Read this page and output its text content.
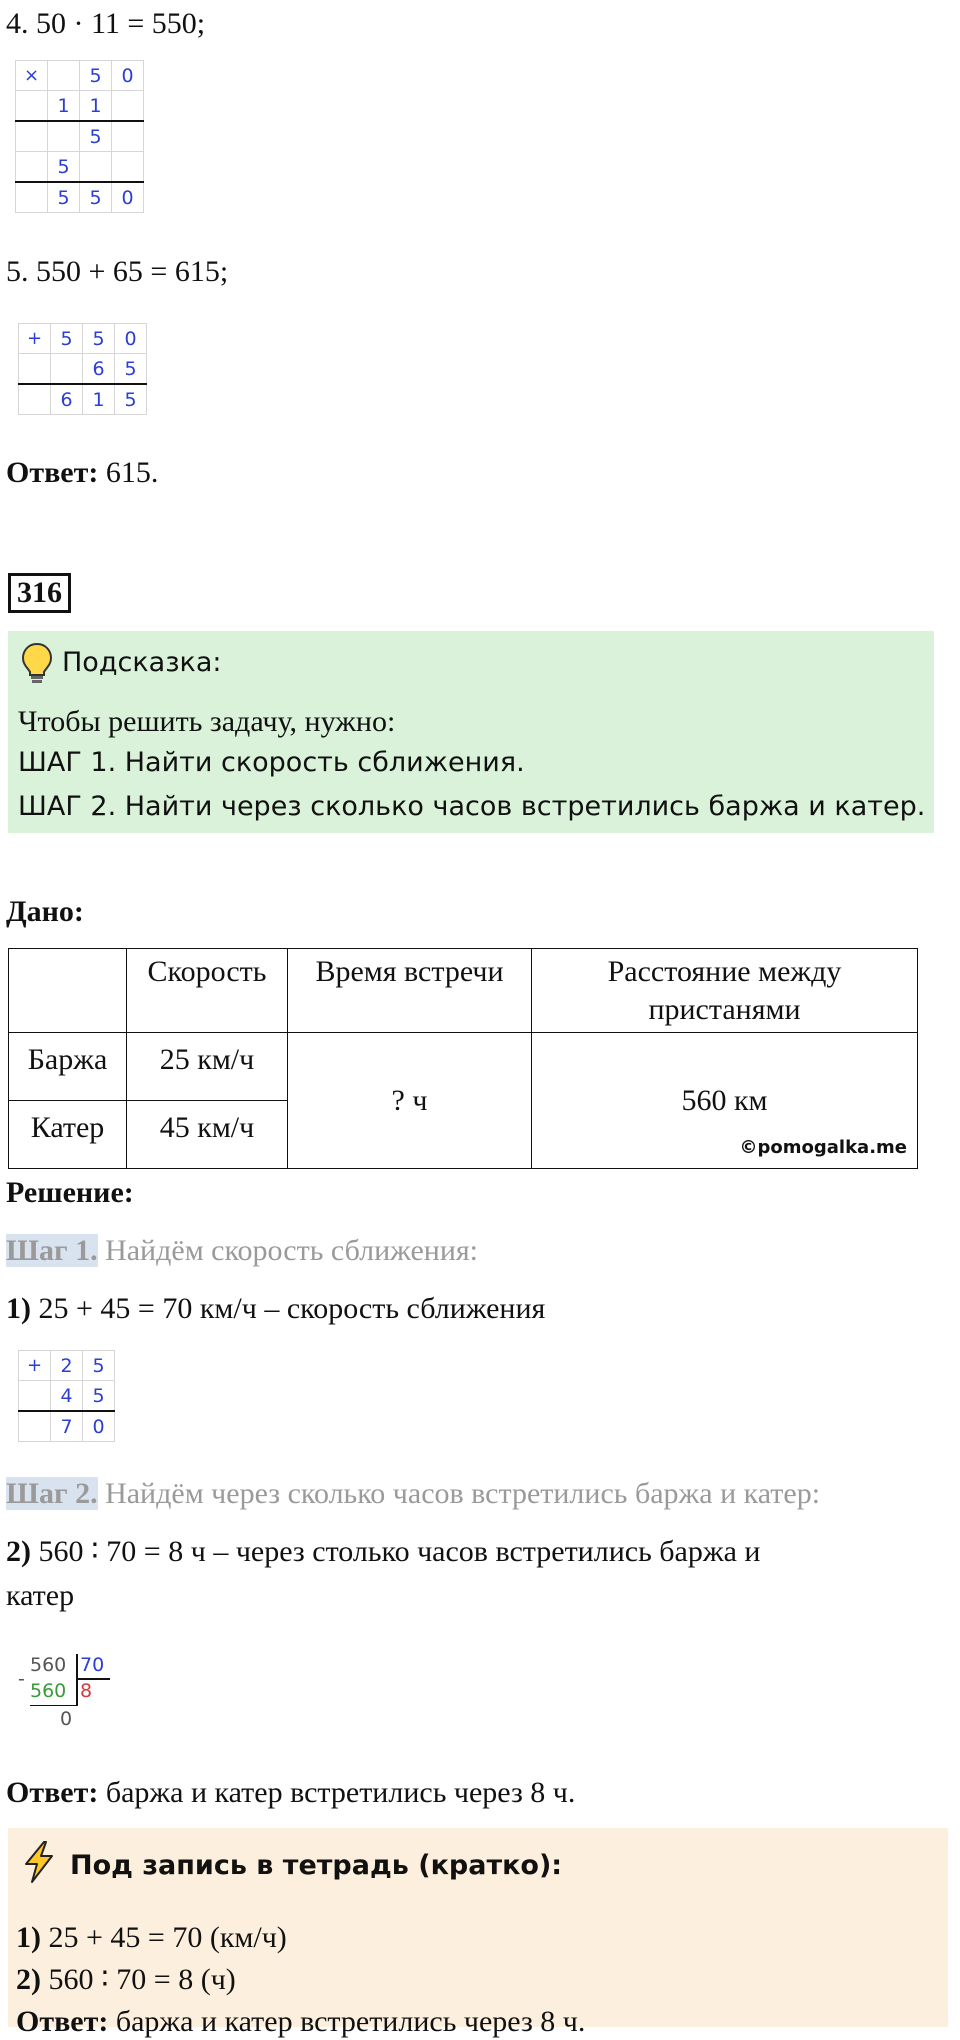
4. 50 · 11 = 550;
×		5	0
	1	1	
		5	
	5		
	5	5	0
5. 550 + 65 = 615;
+	5	5	0
		6	5
	6	1	5
Ответ: 615.
316
Подсказка:
Чтобы решить задачу, нужно:
ШАГ 1. Найти скорость сближения.
ШАГ 2. Найти через сколько часов встретились баржа и катер.
Дано:
	Скорость	Время встречи	Расстояние между пристанями
Баржа	25 км/ч	? ч	560 км
©pomogalka.me

Катер	45 км/ч		
Решение:
Шаг 1. Найдём скорость сближения:
1) 25 + 45 = 70 км/ч – скорость сближения
+	2	5
	4	5
	7	0
Шаг 2. Найдём через сколько часов встретились баржа и катер:
2) 560 ∶ 70 = 8 ч – через столько часов встретились баржа и
катер
560 70
-
560 8
0
Ответ: баржа и катер встретились через 8 ч.
Под запись в тетрадь (кратко):
1) 25 + 45 = 70 (км/ч)
2) 560 ∶ 70 = 8 (ч)
Ответ: баржа и катер встретились через 8 ч.
